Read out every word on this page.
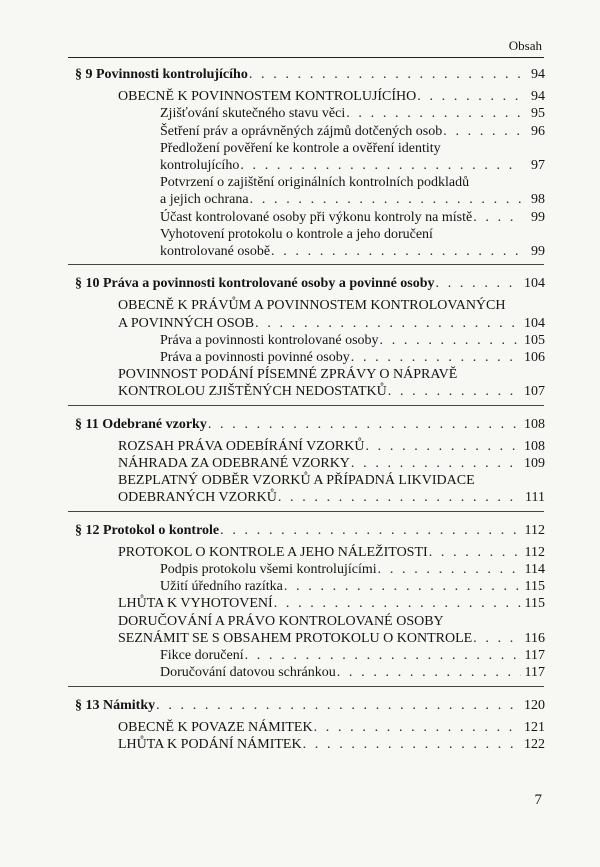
Obsah
§ 9 Povinnosti kontrolujícího . . .	94
OBECNĚ K POVINNOSTEM KONTROLUJÍCÍHO . . .	94
Zjišťování skutečného stavu věci . . .	95
Šetření práv a oprávněných zájmů dotčených osob . . .	96
Předložení pověření ke kontrole a ověření identity
kontrolujícího . . .	97
Potvrzení o zajištění originálních kontrolních podkladů
a jejich ochrana . . .	98
Účast kontrolované osoby při výkonu kontroly na místě . . .	99
Vyhotovení protokolu o kontrole a jeho doručení
kontrolované osobě . . .	99
§ 10 Práva a povinnosti kontrolované osoby a povinné osoby . . .	104
OBECNĚ K PRÁVŮM A POVINNOSTEM KONTROLOVANÝCH
A POVINNÝCH OSOB . . .	104
Práva a povinnosti kontrolované osoby . . .	105
Práva a povinnosti povinné osoby . . .	106
POVINNOST PODÁNÍ PÍSEMNÉ ZPRÁVY O NÁPRAVĚ
KONTROLOU ZJIŠTĚNÝCH NEDOSTATKŮ . . .	107
§ 11 Odebrané vzorky . . .	108
ROZSAH PRÁVA ODEBÍRÁNÍ VZORKŮ . . .	108
NÁHRADA ZA ODEBRANÉ VZORKY . . .	109
BEZPLATNÝ ODBĚR VZORKŮ A PŘÍPADNÁ LIKVIDACE
ODEBRANÝCH VZORKŮ . . .	111
§ 12 Protokol o kontrole . . .	112
PROTOKOL O KONTROLE A JEHO NÁLEŽITOSTI . . .	112
Podpis protokolu všemi kontrolujícími . . .	114
Užití úředního razítka . . .	115
LHŮTA K VYHOTOVENÍ . . .	115
DORUČOVÁNÍ A PRÁVO KONTROLOVANÉ OSOBY
SEZNÁMIT SE S OBSAHEM PROTOKOLU O KONTROLE . . .	116
Fikce doručení . . .	117
Doručování datovou schránkou . . .	117
§ 13 Námitky . . .	120
OBECNĚ K POVAZE NÁMITEK . . .	121
LHŮTA K PODÁNÍ NÁMITEK . . .	122
7
